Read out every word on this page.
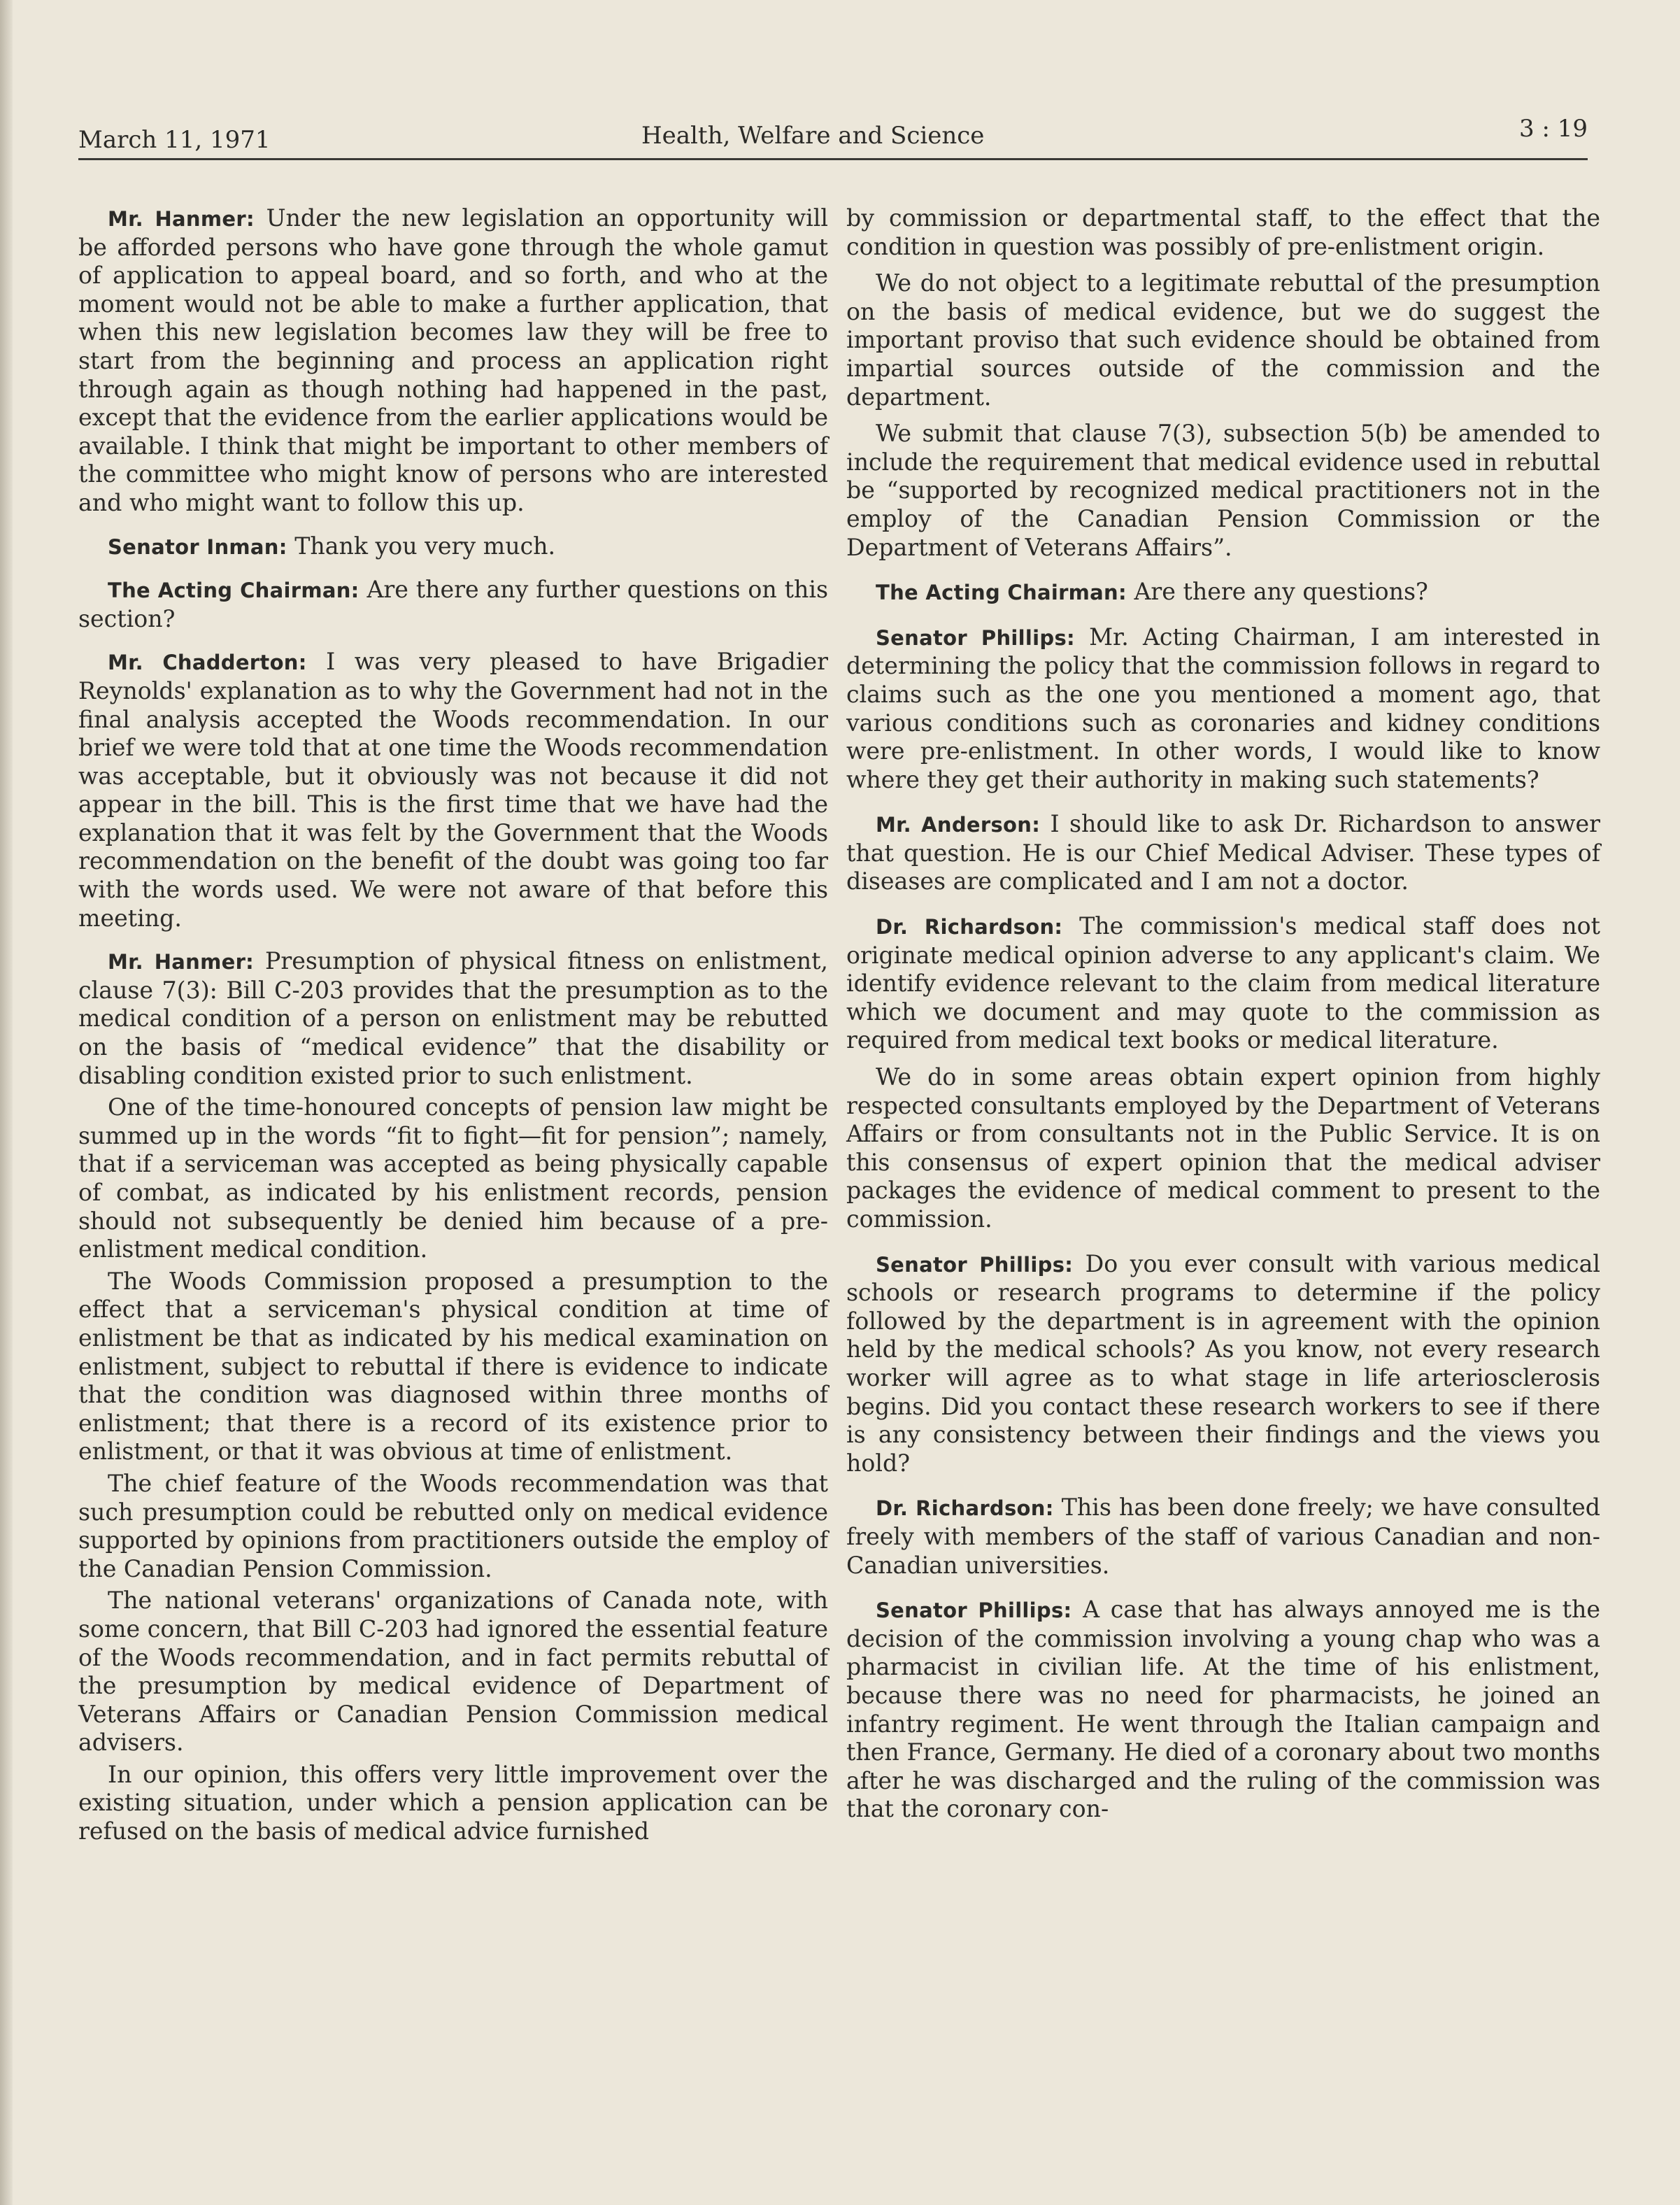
March 11, 1971	Health, Welfare and Science	3 : 19

Mr. Hanmer: Under the new legislation an opportunity will be afforded persons who have gone through the whole gamut of application to appeal board, and so forth, and who at the moment would not be able to make a further application, that when this new legislation becomes law they will be free to start from the beginning and process an application right through again as though nothing had happened in the past, except that the evidence from the earlier applications would be available. I think that might be important to other members of the committee who might know of persons who are interested and who might want to follow this up.

Senator Inman: Thank you very much.

The Acting Chairman: Are there any further questions on this section?

Mr. Chadderton: I was very pleased to have Brigadier Reynolds' explanation as to why the Government had not in the final analysis accepted the Woods recommendation. In our brief we were told that at one time the Woods recommendation was acceptable, but it obviously was not because it did not appear in the bill. This is the first time that we have had the explanation that it was felt by the Government that the Woods recommendation on the benefit of the doubt was going too far with the words used. We were not aware of that before this meeting.

Mr. Hanmer: Presumption of physical fitness on enlistment, clause 7(3): Bill C-203 provides that the presumption as to the medical condition of a person on enlistment may be rebutted on the basis of “medical evidence” that the disability or disabling condition existed prior to such enlistment.

One of the time-honoured concepts of pension law might be summed up in the words “fit to fight—fit for pension”; namely, that if a serviceman was accepted as being physically capable of combat, as indicated by his enlistment records, pension should not subsequently be denied him because of a pre-enlistment medical condition.

The Woods Commission proposed a presumption to the effect that a serviceman's physical condition at time of enlistment be that as indicated by his medical examination on enlistment, subject to rebuttal if there is evidence to indicate that the condition was diagnosed within three months of enlistment; that there is a record of its existence prior to enlistment, or that it was obvious at time of enlistment.

The chief feature of the Woods recommendation was that such presumption could be rebutted only on medical evidence supported by opinions from practitioners outside the employ of the Canadian Pension Commission.

The national veterans' organizations of Canada note, with some concern, that Bill C-203 had ignored the essential feature of the Woods recommendation, and in fact permits rebuttal of the presumption by medical evidence of Department of Veterans Affairs or Canadian Pension Commission medical advisers.

In our opinion, this offers very little improvement over the existing situation, under which a pension application can be refused on the basis of medical advice furnished

by commission or departmental staff, to the effect that the condition in question was possibly of pre-enlistment origin.

We do not object to a legitimate rebuttal of the presumption on the basis of medical evidence, but we do suggest the important proviso that such evidence should be obtained from impartial sources outside of the commission and the department.

We submit that clause 7(3), subsection 5(b) be amended to include the requirement that medical evidence used in rebuttal be “supported by recognized medical practitioners not in the employ of the Canadian Pension Commission or the Department of Veterans Affairs”.

The Acting Chairman: Are there any questions?

Senator Phillips: Mr. Acting Chairman, I am interested in determining the policy that the commission follows in regard to claims such as the one you mentioned a moment ago, that various conditions such as coronaries and kidney conditions were pre-enlistment. In other words, I would like to know where they get their authority in making such statements?

Mr. Anderson: I should like to ask Dr. Richardson to answer that question. He is our Chief Medical Adviser. These types of diseases are complicated and I am not a doctor.

Dr. Richardson: The commission's medical staff does not originate medical opinion adverse to any applicant's claim. We identify evidence relevant to the claim from medical literature which we document and may quote to the commission as required from medical text books or medical literature.

We do in some areas obtain expert opinion from highly respected consultants employed by the Department of Veterans Affairs or from consultants not in the Public Service. It is on this consensus of expert opinion that the medical adviser packages the evidence of medical comment to present to the commission.

Senator Phillips: Do you ever consult with various medical schools or research programs to determine if the policy followed by the department is in agreement with the opinion held by the medical schools? As you know, not every research worker will agree as to what stage in life arteriosclerosis begins. Did you contact these research workers to see if there is any consistency between their findings and the views you hold?

Dr. Richardson: This has been done freely; we have consulted freely with members of the staff of various Canadian and non-Canadian universities.

Senator Phillips: A case that has always annoyed me is the decision of the commission involving a young chap who was a pharmacist in civilian life. At the time of his enlistment, because there was no need for pharmacists, he joined an infantry regiment. He went through the Italian campaign and then France, Germany. He died of a coronary about two months after he was discharged and the ruling of the commission was that the coronary con-
